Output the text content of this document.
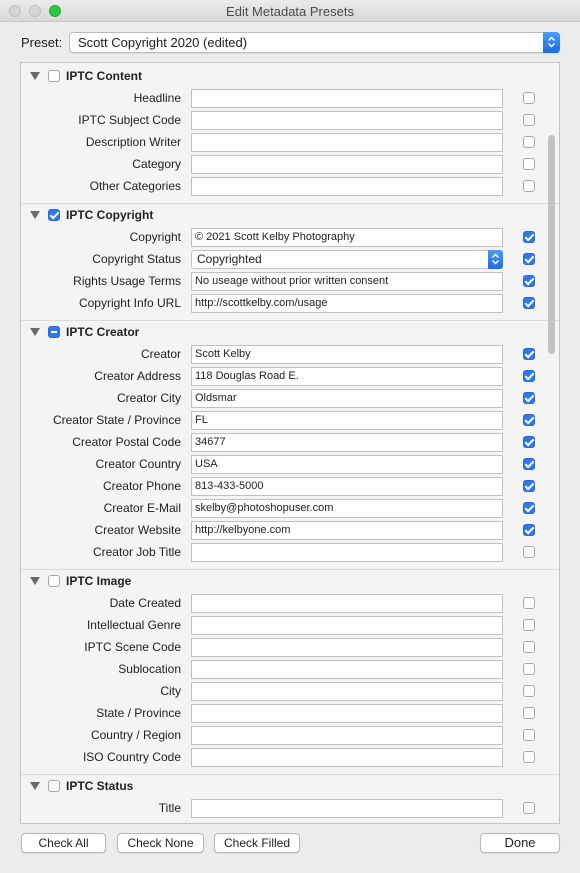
Edit Metadata Presets
Preset:	Scott Copyright 2020 (edited)
IPTC Content
Headline
IPTC Subject Code
Description Writer
Category
Other Categories
IPTC Copyright
Copyright	© 2021 Scott Kelby Photography
Copyright Status	Copyrighted
Rights Usage Terms	No useage without prior written consent
Copyright Info URL	http://scottkelby.com/usage
IPTC Creator
Creator	Scott Kelby
Creator Address	118 Douglas Road E.
Creator City	Oldsmar
Creator State / Province	FL
Creator Postal Code	34677
Creator Country	USA
Creator Phone	813-433-5000
Creator E-Mail	skelby@photoshopuser.com
Creator Website	http://kelbyone.com
Creator Job Title
IPTC Image
Date Created
Intellectual Genre
IPTC Scene Code
Sublocation
City
State / Province
Country / Region
ISO Country Code
IPTC Status
Title
Check All	Check None	Check Filled	Done
